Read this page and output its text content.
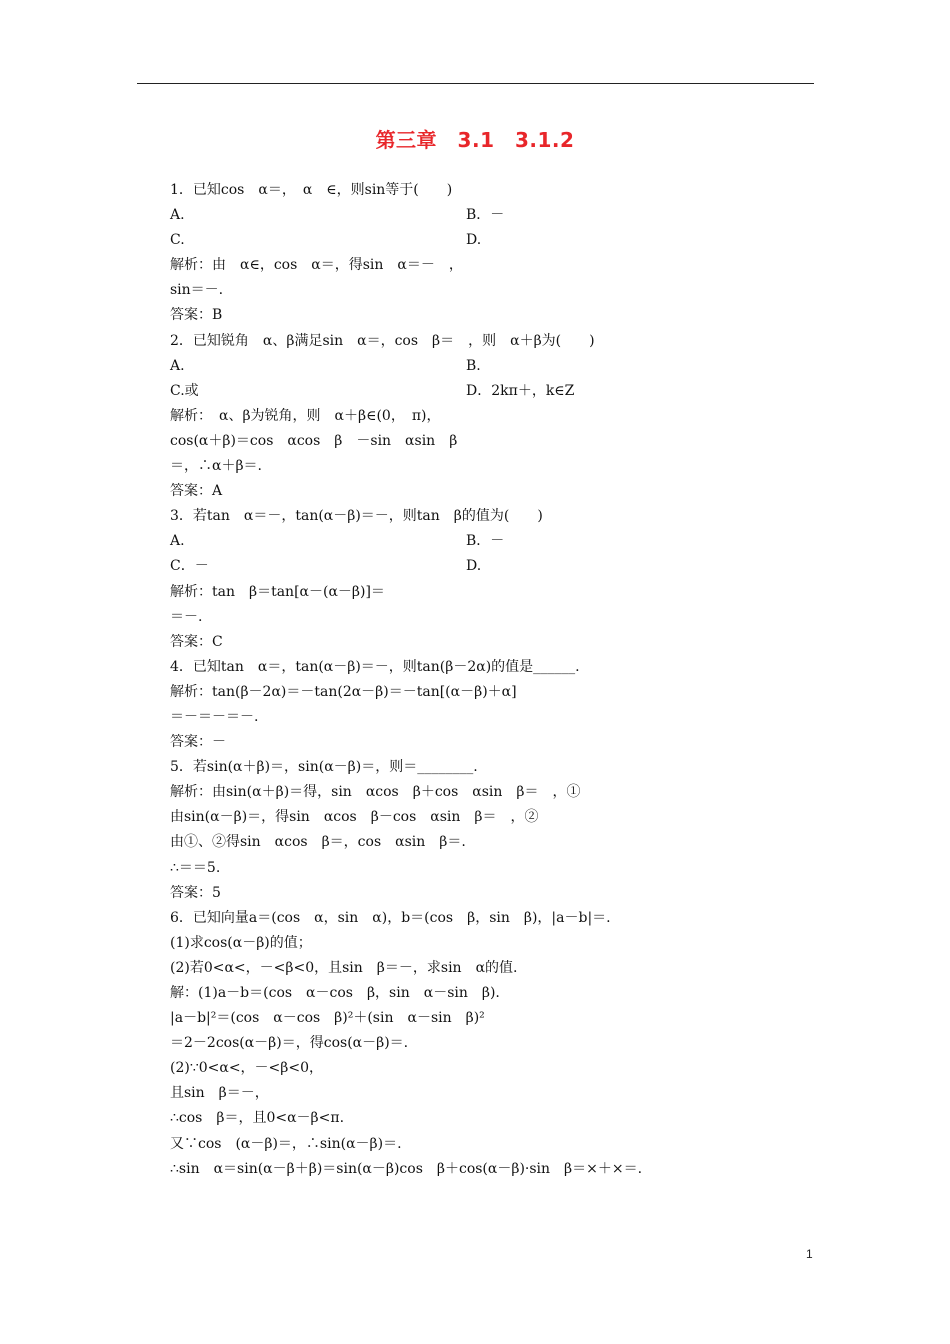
第三章　3.1　3.1.2
1．已知cos　α＝，　α　∈，则sin等于(　　)
A.	B．－
C.	D.
解析：由　α∈，cos　α＝，得sin　α＝－　，
sin＝－.
答案：B
2．已知锐角　α、β满足sin　α＝，cos　β＝　，则　α＋β为(　　)
A.	B.
C.或	D．2kπ＋，k∈Z
解析：　α、β为锐角，则　α＋β∈(0，　π)，
cos(α＋β)＝cos　αcos　β　－sin　αsin　β
＝，∴α＋β＝.
答案：A
3．若tan　α＝－，tan(α－β)＝－，则tan　β的值为(　　)
A.	B．－
C．－	D.
解析：tan　β＝tan[α－(α－β)]＝
＝－.
答案：C
4．已知tan　α＝，tan(α－β)＝－，则tan(β－2α)的值是______.
解析：tan(β－2α)＝－tan(2α－β)＝－tan[(α－β)＋α]
＝－＝－＝－.
答案：－
5．若sin(α＋β)＝，sin(α－β)＝，则＝________.
解析：由sin(α＋β)＝得，sin　αcos　β＋cos　αsin　β＝　，①
由sin(α－β)＝，得sin　αcos　β－cos　αsin　β＝　，②
由①、②得sin　αcos　β＝，cos　αsin　β＝.
∴＝＝5.
答案：5
6．已知向量a＝(cos　α，sin　α)，b＝(cos　β，sin　β)，|a－b|＝.
(1)求cos(α－β)的值；
(2)若0<α<，－<β<0，且sin　β＝－，求sin　α的值.
解：(1)a－b＝(cos　α－cos　β，sin　α－sin　β).
|a－b|²＝(cos　α－cos　β)²＋(sin　α－sin　β)²
＝2－2cos(α－β)＝，得cos(α－β)＝.
(2)∵0<α<，－<β<0，
且sin　β＝－，
∴cos　β＝，且0<α－β<π.
又∵cos　(α－β)＝，∴sin(α－β)＝.
∴sin　α＝sin(α－β＋β)＝sin(α－β)cos　β＋cos(α－β)·sin　β＝×＋×＝.
1
